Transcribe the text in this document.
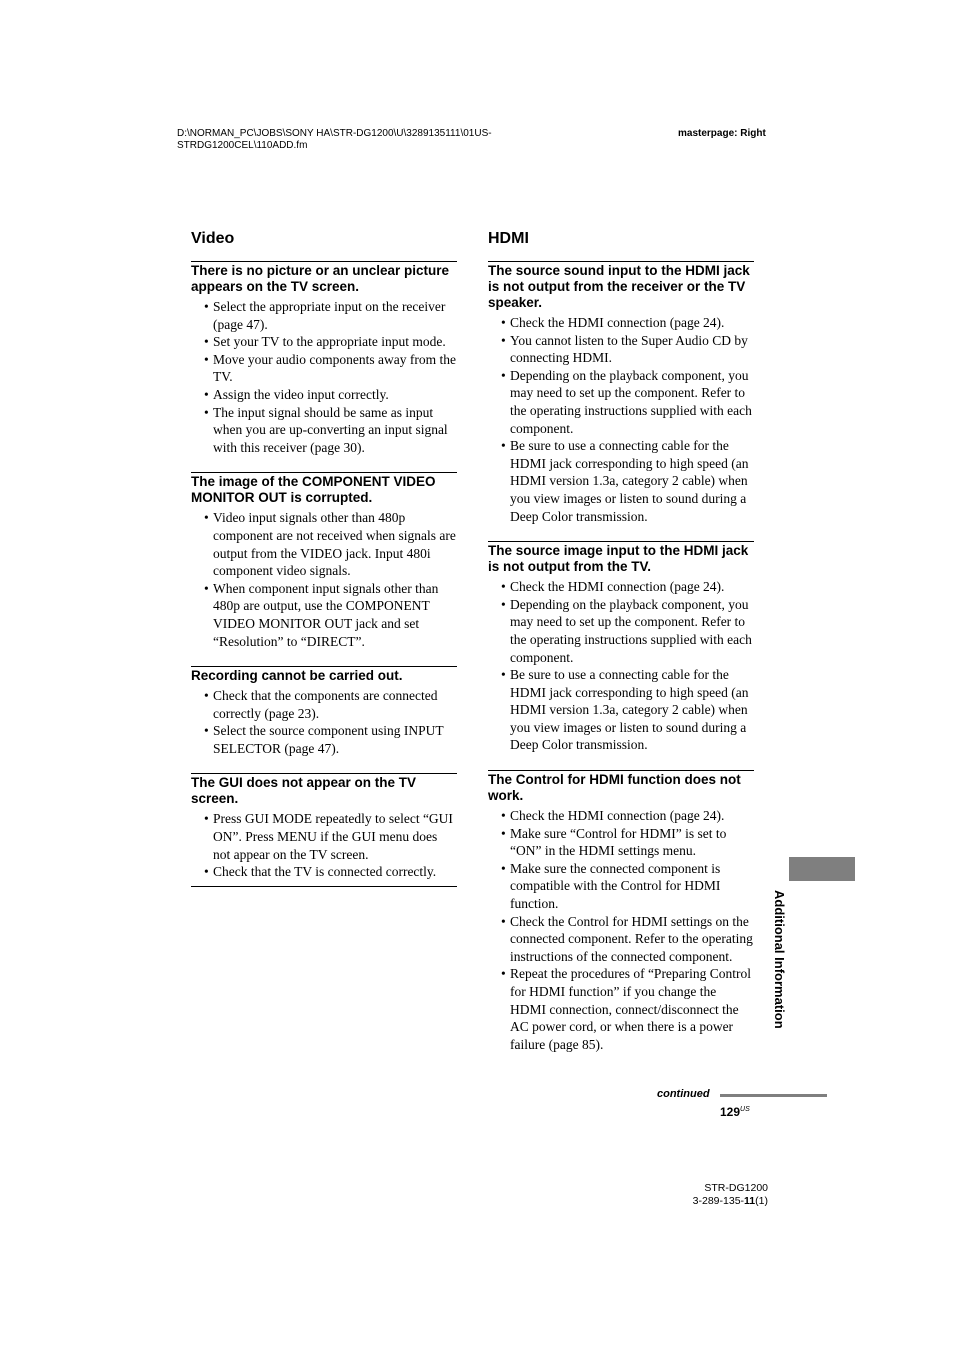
D:\NORMAN_PC\JOBS\SONY HA\STR-DG1200\U\3289135111\01US-
STRDG1200CEL\110ADD.fm
masterpage: Right
Video
There is no picture or an unclear picture appears on the TV screen.
• Select the appropriate input on the receiver (page 47).
• Set your TV to the appropriate input mode.
• Move your audio components away from the TV.
• Assign the video input correctly.
• The input signal should be same as input when you are up-converting an input signal with this receiver (page 30).
The image of the COMPONENT VIDEO MONITOR OUT is corrupted.
• Video input signals other than 480p component are not received when signals are output from the VIDEO jack. Input 480i component video signals.
• When component input signals other than 480p are output, use the COMPONENT VIDEO MONITOR OUT jack and set “Resolution” to “DIRECT”.
Recording cannot be carried out.
• Check that the components are connected correctly (page 23).
• Select the source component using INPUT SELECTOR (page 47).
The GUI does not appear on the TV screen.
• Press GUI MODE repeatedly to select “GUI ON”. Press MENU if the GUI menu does not appear on the TV screen.
• Check that the TV is connected correctly.
HDMI
The source sound input to the HDMI jack is not output from the receiver or the TV speaker.
• Check the HDMI connection (page 24).
• You cannot listen to the Super Audio CD by connecting HDMI.
• Depending on the playback component, you may need to set up the component. Refer to the operating instructions supplied with each component.
• Be sure to use a connecting cable for the HDMI jack corresponding to high speed (an HDMI version 1.3a, category 2 cable) when you view images or listen to sound during a Deep Color transmission.
The source image input to the HDMI jack is not output from the TV.
• Check the HDMI connection (page 24).
• Depending on the playback component, you may need to set up the component. Refer to the operating instructions supplied with each component.
• Be sure to use a connecting cable for the HDMI jack corresponding to high speed (an HDMI version 1.3a, category 2 cable) when you view images or listen to sound during a Deep Color transmission.
The Control for HDMI function does not work.
• Check the HDMI connection (page 24).
• Make sure “Control for HDMI” is set to “ON” in the HDMI settings menu.
• Make sure the connected component is compatible with the Control for HDMI function.
• Check the Control for HDMI settings on the connected component. Refer to the operating instructions of the connected component.
• Repeat the procedures of “Preparing Control for HDMI function” if you change the HDMI connection, connect/disconnect the AC power cord, or when there is a power failure (page 85).
Additional Information
continued
$129^{US}$
STR-DG1200
3-289-135-11(1)
